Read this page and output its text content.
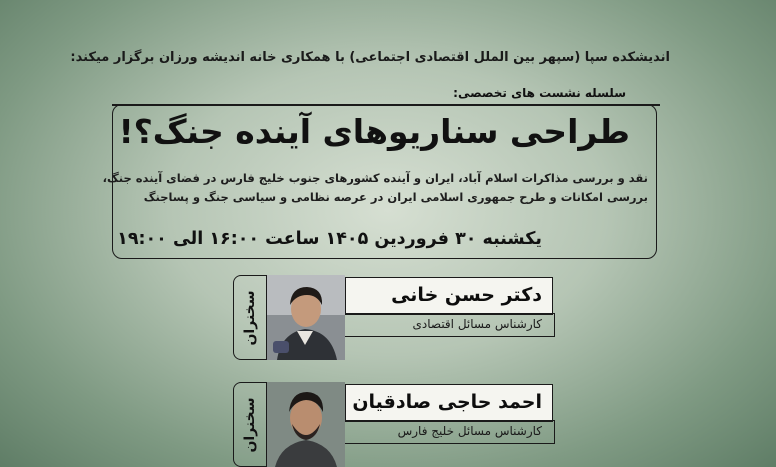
اندیشکده سپا (سپهر بین الملل اقتصادی اجتماعی) با همکاری خانه اندیشه ورزان برگزار میکند:
سلسله نشست های تخصصی:
طراحی سناریوهای آینده جنگ؟!
نقد و بررسی مذاکرات اسلام آباد، ایران و آینده کشورهای جنوب خلیج فارس در فضای آینده جنگ،
بررسی امکانات و طرح جمهوری اسلامی ایران در عرصه نظامی و سیاسی جنگ و پساجنگ
یکشنبه ۳۰ فروردین ۱۴۰۵ ساعت ۱۶:۰۰ الی ۱۹:۰۰
سخنران	دکتر حسن خانی
کارشناس مسائل اقتصادی
سخنران	احمد حاجی صادقیان
کارشناس مسائل خلیج فارس
